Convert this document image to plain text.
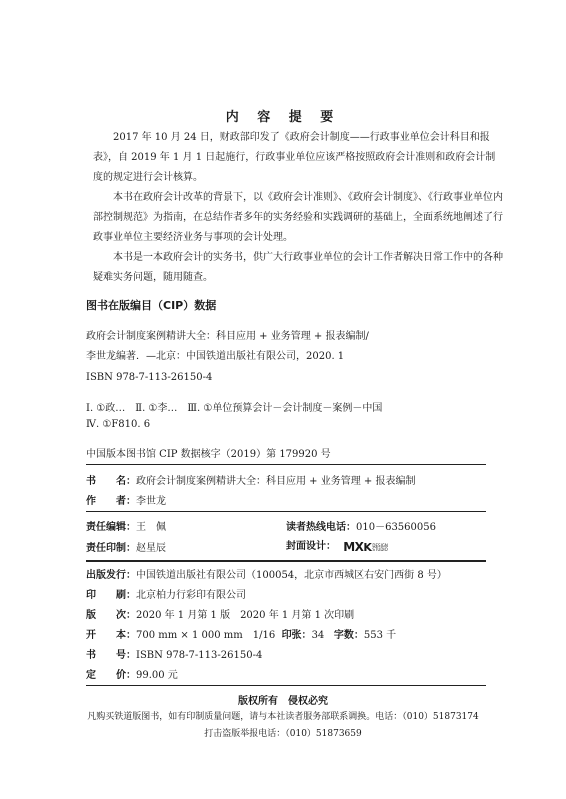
内 容 提 要

2017 年 10 月 24 日，财政部印发了《政府会计制度——行政事业单位会计科目和报表》，自 2019 年 1 月 1 日起施行，行政事业单位应该严格按照政府会计准则和政府会计制度的规定进行会计核算。

本书在政府会计改革的背景下，以《政府会计准则》、《政府会计制度》、《行政事业单位内部控制规范》为指南，在总结作者多年的实务经验和实践调研的基础上，全面系统地阐述了行政事业单位主要经济业务与事项的会计处理。

本书是一本政府会计的实务书，供广大行政事业单位的会计工作者解决日常工作中的各种疑难实务问题，随用随查。

图书在版编目（CIP）数据
政府会计制度案例精讲大全：科目应用 + 业务管理 + 报表编制/
李世龙编著．—北京：中国铁道出版社有限公司，2020. 1
ISBN 978-7-113-26150-4
Ⅰ. ①政…　Ⅱ. ①李…　Ⅲ. ①单位预算会计－会计制度－案例－中国
Ⅳ. ①F810. 6
中国版本图书馆 CIP 数据核字（2019）第 179920 号
书　　名：政府会计制度案例精讲大全：科目应用 + 业务管理 + 报表编制
作　　者：李世龙
责任编辑：王　佩	读者热线电话：010－63560056
责任印制：赵星辰	封面设计： MXKDESIGN
STUDIO
出版发行：中国铁道出版社有限公司（100054，北京市西城区右安门西街 8 号）
印　　刷：北京柏力行彩印有限公司
版　　次：2020 年 1 月第 1 版　2020 年 1 月第 1 次印刷
开　　本：700 mm × 1 000 mm　1/16 印张：34 字数：553 千
书　　号：ISBN 978-7-113-26150-4
定　　价：99.00 元
版权所有　侵权必究
凡购买铁道版图书，如有印制质量问题，请与本社读者服务部联系调换。电话：（010）51873174
打击盗版举报电话：（010）51873659
